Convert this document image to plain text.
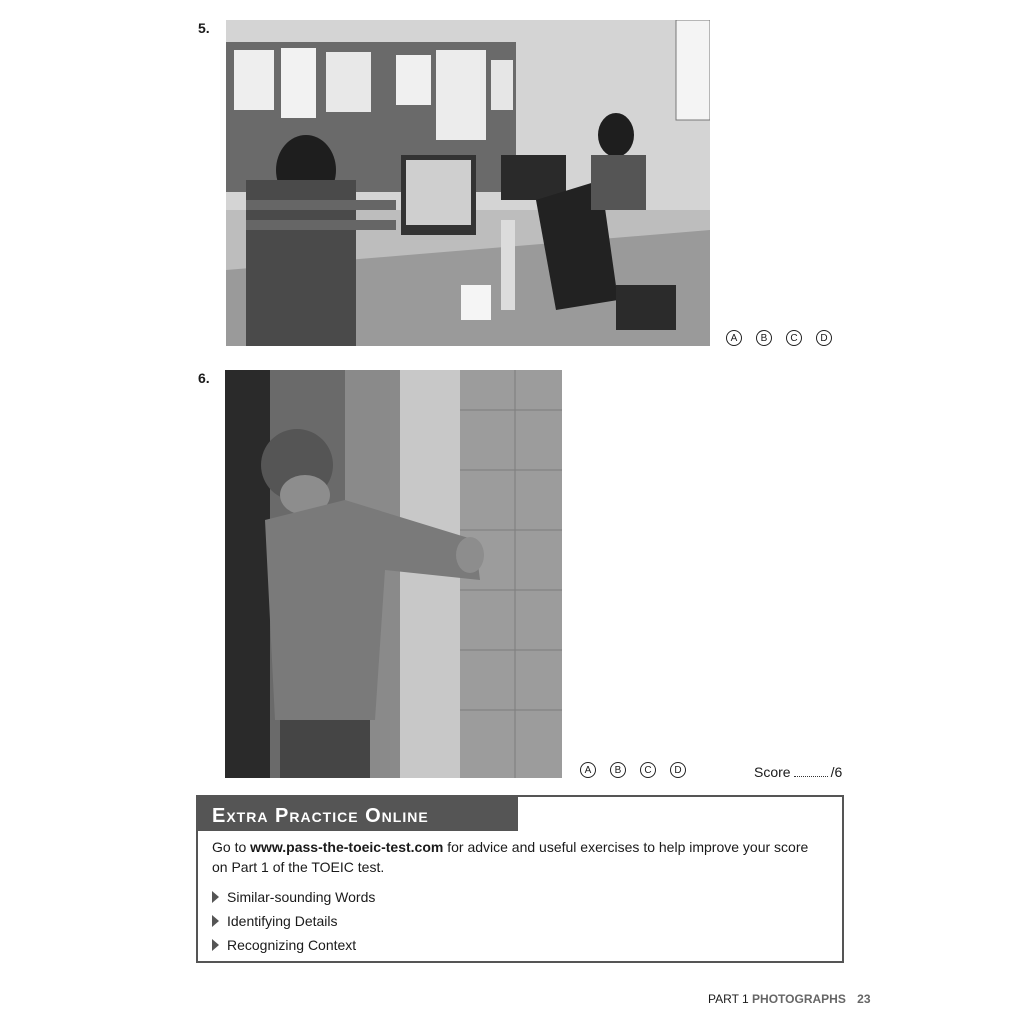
5.
A	B	C	D
6.
A	B	C	D	Score	/6
Extra Practice Online
Go to www.pass-the-toeic-test.com for advice and useful exercises to help improve your score on Part 1 of the TOEIC test.
Similar-sounding Words
Identifying Details
Recognizing Context
PART 1 PHOTOGRAPHS 23
